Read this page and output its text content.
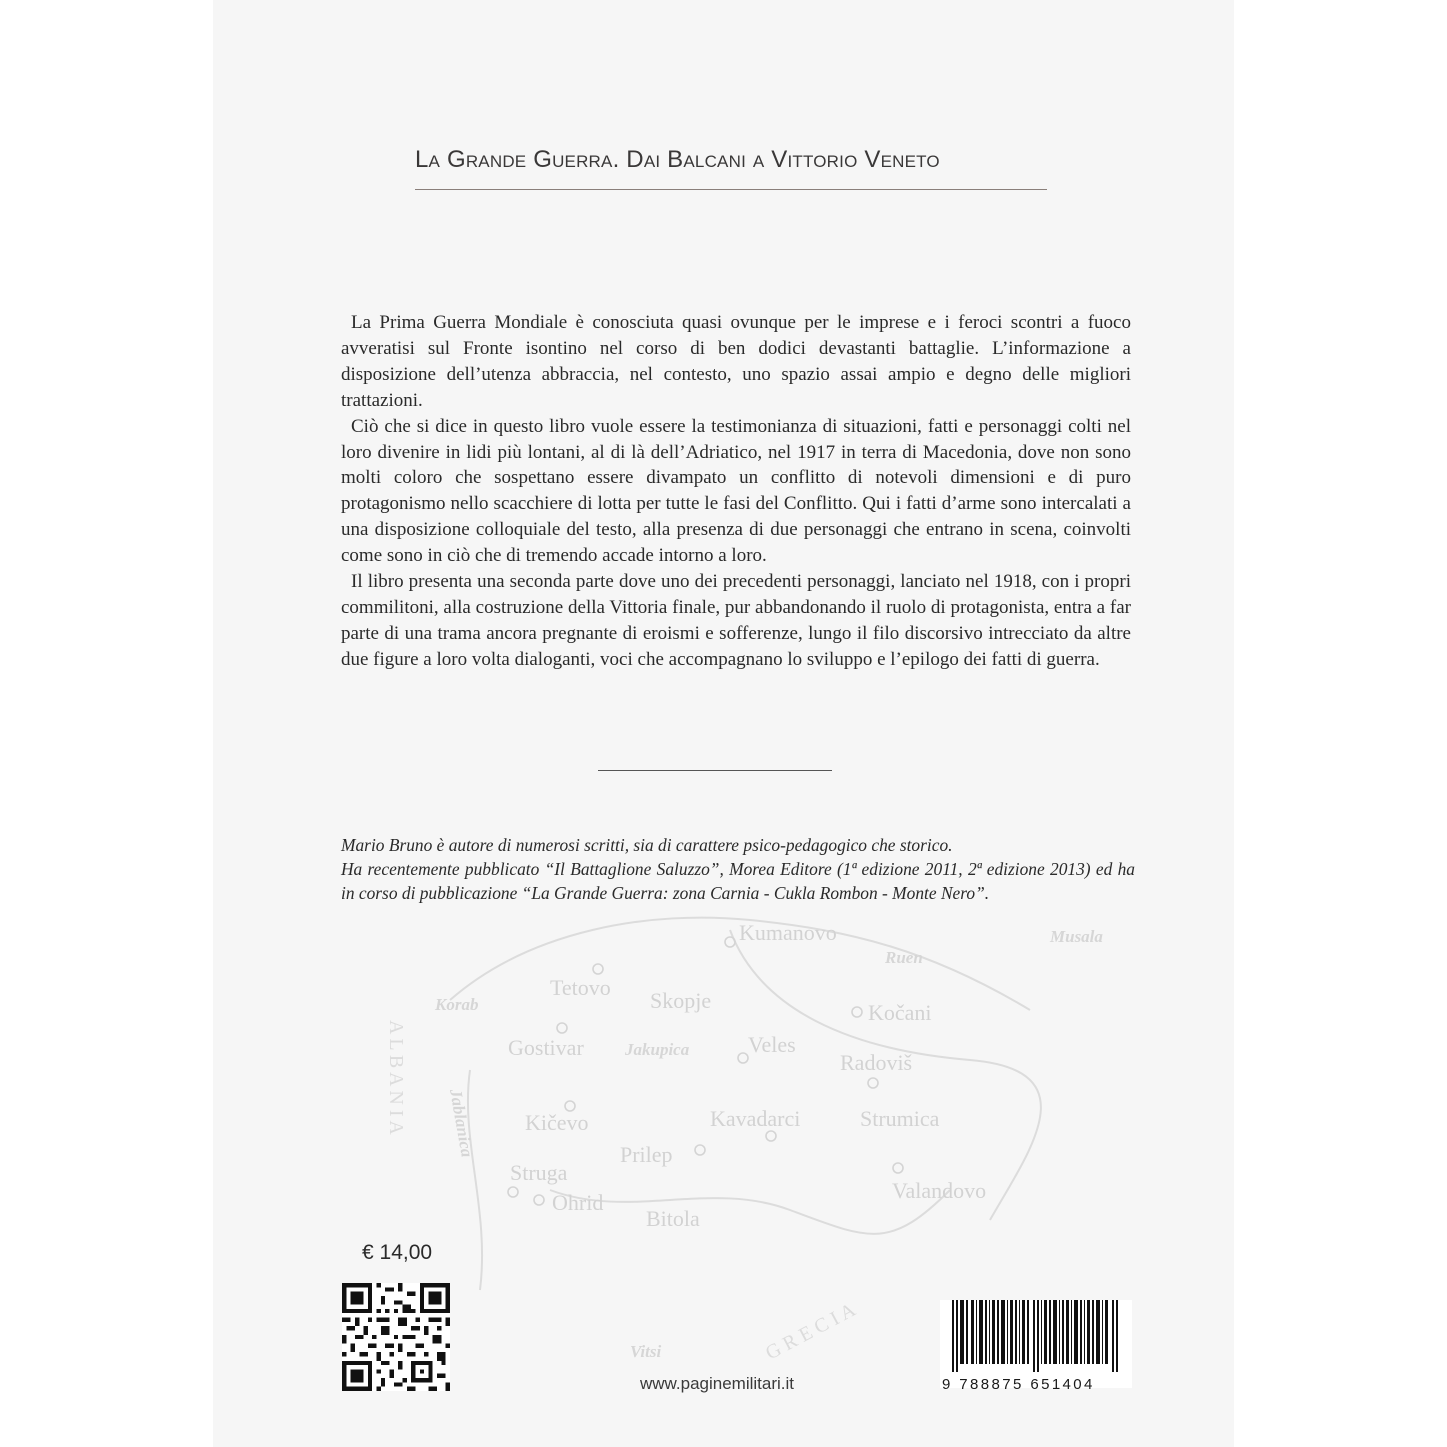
La Grande Guerra. Dai Balcani a Vittorio Veneto

La Prima Guerra Mondiale è conosciuta quasi ovunque per le imprese e i feroci scontri a fuoco avveratisi sul Fronte isontino nel corso di ben dodici devastanti battaglie. L’informazione a disposizione dell’utenza abbraccia, nel contesto, uno spazio assai ampio e degno delle migliori trattazioni.

Ciò che si dice in questo libro vuole essere la testimonianza di situazioni, fatti e personaggi colti nel loro divenire in lidi più lontani, al di là dell’Adriatico, nel 1917 in terra di Macedonia, dove non sono molti coloro che sospettano essere divampato un conflitto di notevoli dimensioni e di puro protagonismo nello scacchiere di lotta per tutte le fasi del Conflitto. Qui i fatti d’arme sono intercalati a una disposizione colloquiale del testo, alla presenza di due personaggi che entrano in scena, coinvolti come sono in ciò che di tremendo accade intorno a loro.

Il libro presenta una seconda parte dove uno dei precedenti personaggi, lanciato nel 1918, con i propri commilitoni, alla costruzione della Vittoria finale, pur abbandonando il ruolo di protagonista, entra a far parte di una trama ancora pregnante di eroismi e sofferenze, lungo il filo discorsivo intrecciato da altre due figure a loro volta dialoganti, voci che accompagnano lo sviluppo e l’epilogo dei fatti di guerra.

Mario Bruno è autore di numerosi scritti, sia di carattere psico-pedagogico che storico.

Ha recentemente pubblicato “Il Battaglione Saluzzo”, Morea Editore (1ª edizione 2011, 2ª edizione 2013) ed ha in corso di pubblicazione “La Grande Guerra: zona Carnia - Cukla Rombon - Monte Nero”.

Kumanovo
Tetovo
Skopje	Kočani
Gostivar	Veles
Radoviš
Kičevo	Kavadarci	Strumica
Prilep
Struga
Ohrid	Valandovo
Bitola
Jakupica
Korab
Ruen
Musala
Vitsi
Jablanica
A L B A N I A
G R E C I A
€ 14,00
www.paginemilitari.it	9 788875 651404
